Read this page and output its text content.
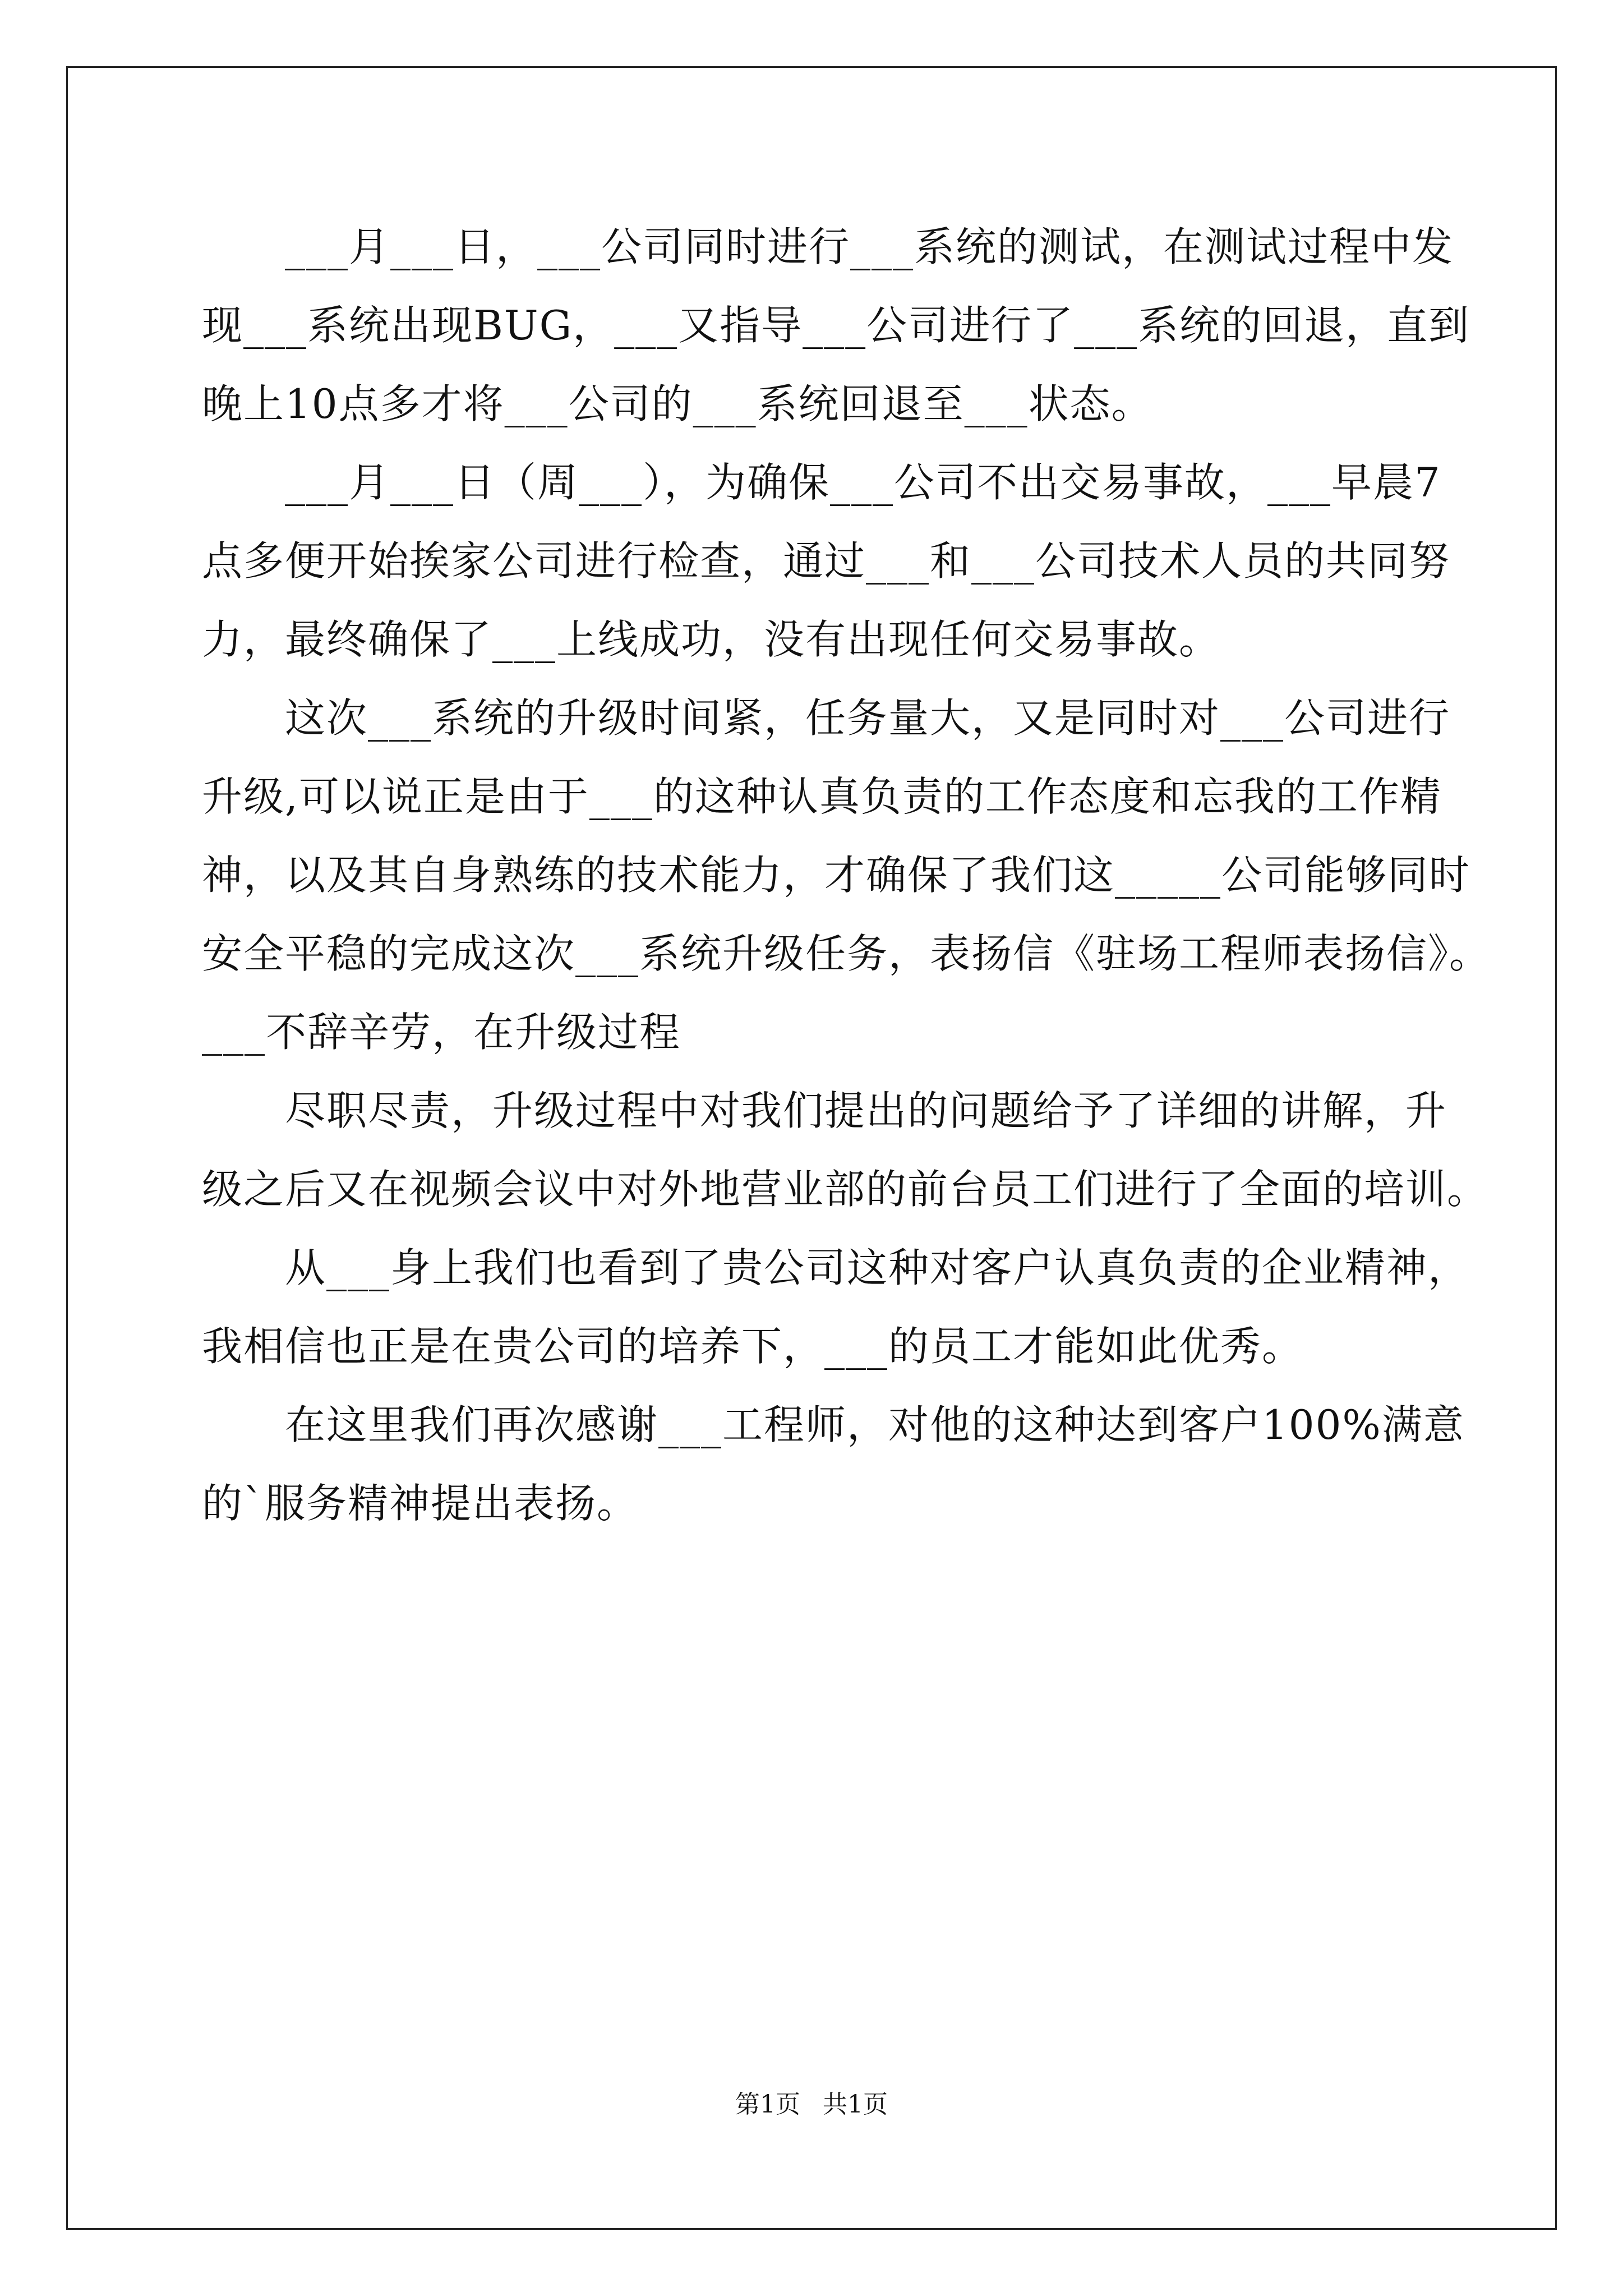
___月___日，___公司同时进行___系统的测试，在测试过程中发
现___系统出现BUG，___又指导___公司进行了___系统的回退，直到
晚上10点多才将___公司的___系统回退至___状态。
___月___日（周___），为确保___公司不出交易事故，___早晨7
点多便开始挨家公司进行检查，通过___和___公司技术人员的共同努
力，最终确保了___上线成功，没有出现任何交易事故。
这次___系统的升级时间紧，任务量大，又是同时对___公司进行
升级,可以说正是由于___的这种认真负责的工作态度和忘我的工作精
神，以及其自身熟练的技术能力，才确保了我们这_____公司能够同时
安全平稳的完成这次___系统升级任务，表扬信《驻场工程师表扬信》。
___不辞辛劳，在升级过程
尽职尽责，升级过程中对我们提出的问题给予了详细的讲解，升
级之后又在视频会议中对外地营业部的前台员工们进行了全面的培训。
从___身上我们也看到了贵公司这种对客户认真负责的企业精神，
我相信也正是在贵公司的培养下，___的员工才能如此优秀。
在这里我们再次感谢___工程师，对他的这种达到客户100%满意
的`服务精神提出表扬。
第1页 共1页
